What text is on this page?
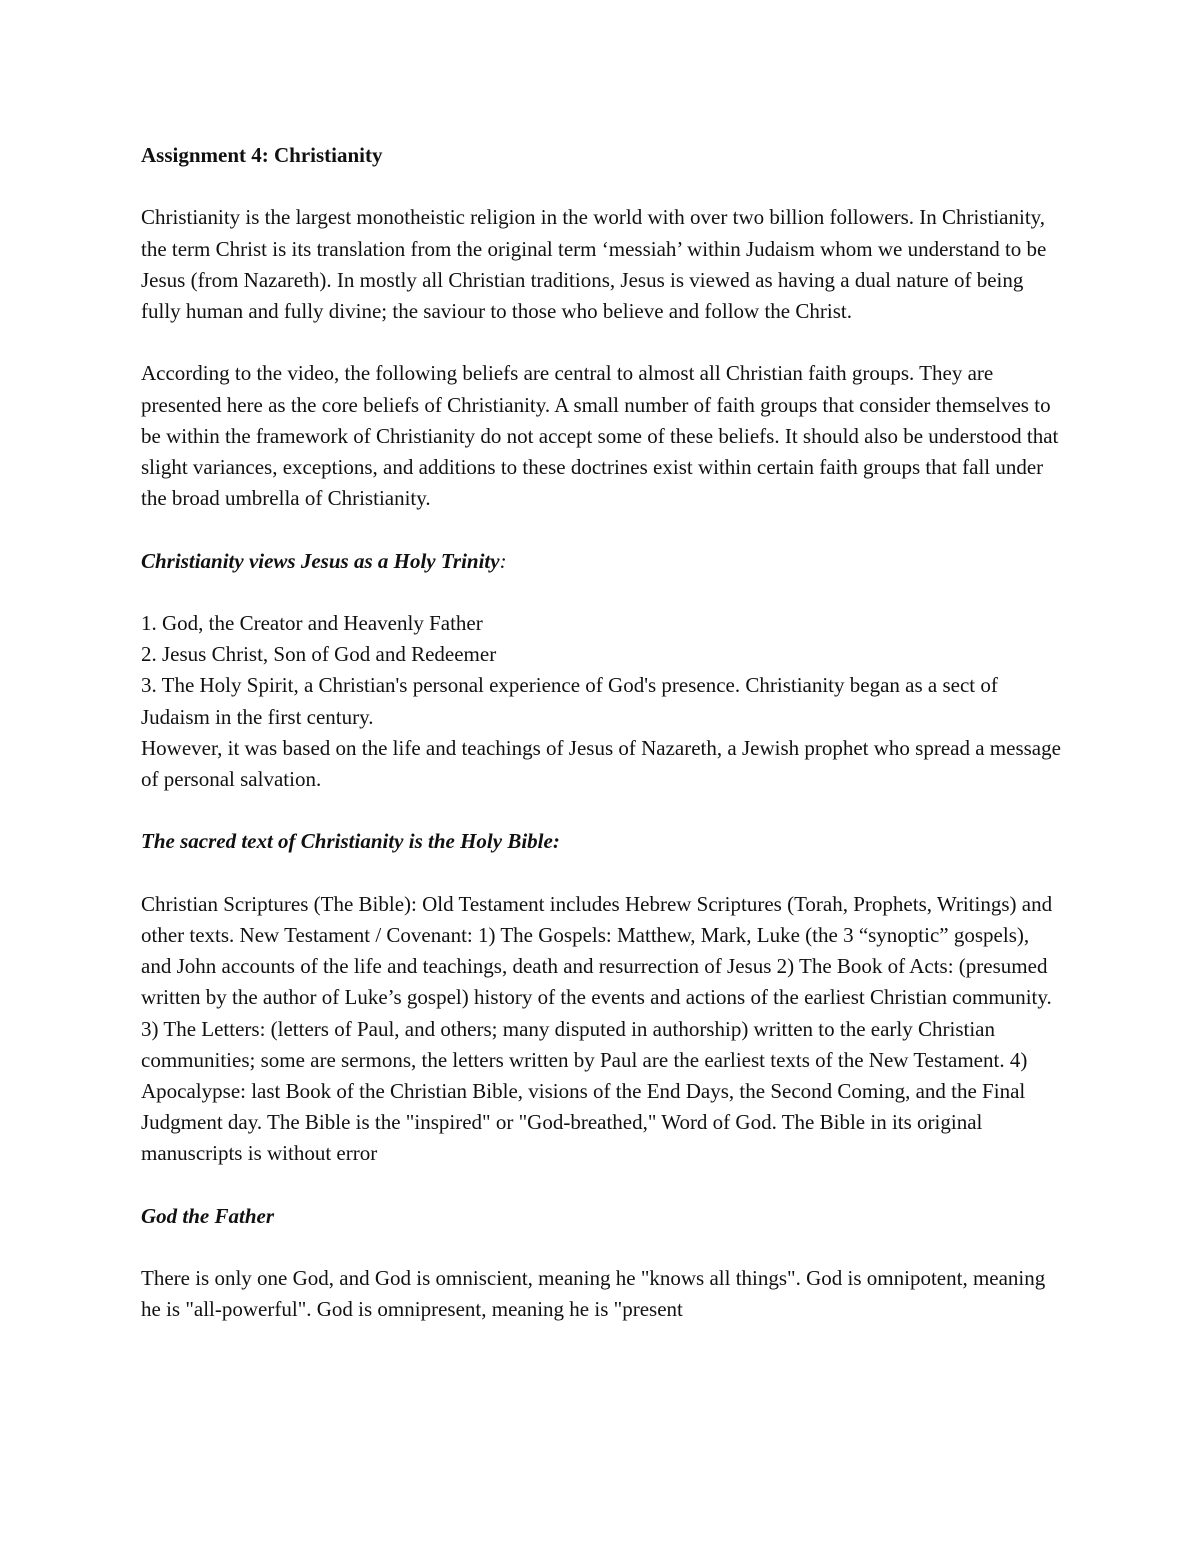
Assignment 4: Christianity

Christianity is the largest monotheistic religion in the world with over two billion followers. In Christianity, the term Christ is its translation from the original term ‘messiah’ within Judaism whom we understand to be Jesus (from Nazareth). In mostly all Christian traditions, Jesus is viewed as having a dual nature of being fully human and fully divine; the saviour to those who believe and follow the Christ.

According to the video, the following beliefs are central to almost all Christian faith groups. They are presented here as the core beliefs of Christianity. A small number of faith groups that consider themselves to be within the framework of Christianity do not accept some of these beliefs. It should also be understood that slight variances, exceptions, and additions to these doctrines exist within certain faith groups that fall under the broad umbrella of Christianity.

Christianity views Jesus as a Holy Trinity:

1. God, the Creator and Heavenly Father
2. Jesus Christ, Son of God and Redeemer
3. The Holy Spirit, a Christian's personal experience of God's presence. Christianity began as a sect of Judaism in the first century.
However, it was based on the life and teachings of Jesus of Nazareth, a Jewish prophet who spread a message of personal salvation.

The sacred text of Christianity is the Holy Bible:

Christian Scriptures (The Bible): Old Testament includes Hebrew Scriptures (Torah, Prophets, Writings) and other texts. New Testament / Covenant: 1) The Gospels: Matthew, Mark, Luke (the 3 “synoptic” gospels), and John accounts of the life and teachings, death and resurrection of Jesus 2) The Book of Acts: (presumed written by the author of Luke’s gospel) history of the events and actions of the earliest Christian community. 3) The Letters: (letters of Paul, and others; many disputed in authorship) written to the early Christian communities; some are sermons, the letters written by Paul are the earliest texts of the New Testament. 4) Apocalypse: last Book of the Christian Bible, visions of the End Days, the Second Coming, and the Final Judgment day. The Bible is the "inspired" or "God-breathed," Word of God. The Bible in its original manuscripts is without error

God the Father

There is only one God, and God is omniscient, meaning he "knows all things". God is omnipotent, meaning he is "all-powerful". God is omnipresent, meaning he is "present
